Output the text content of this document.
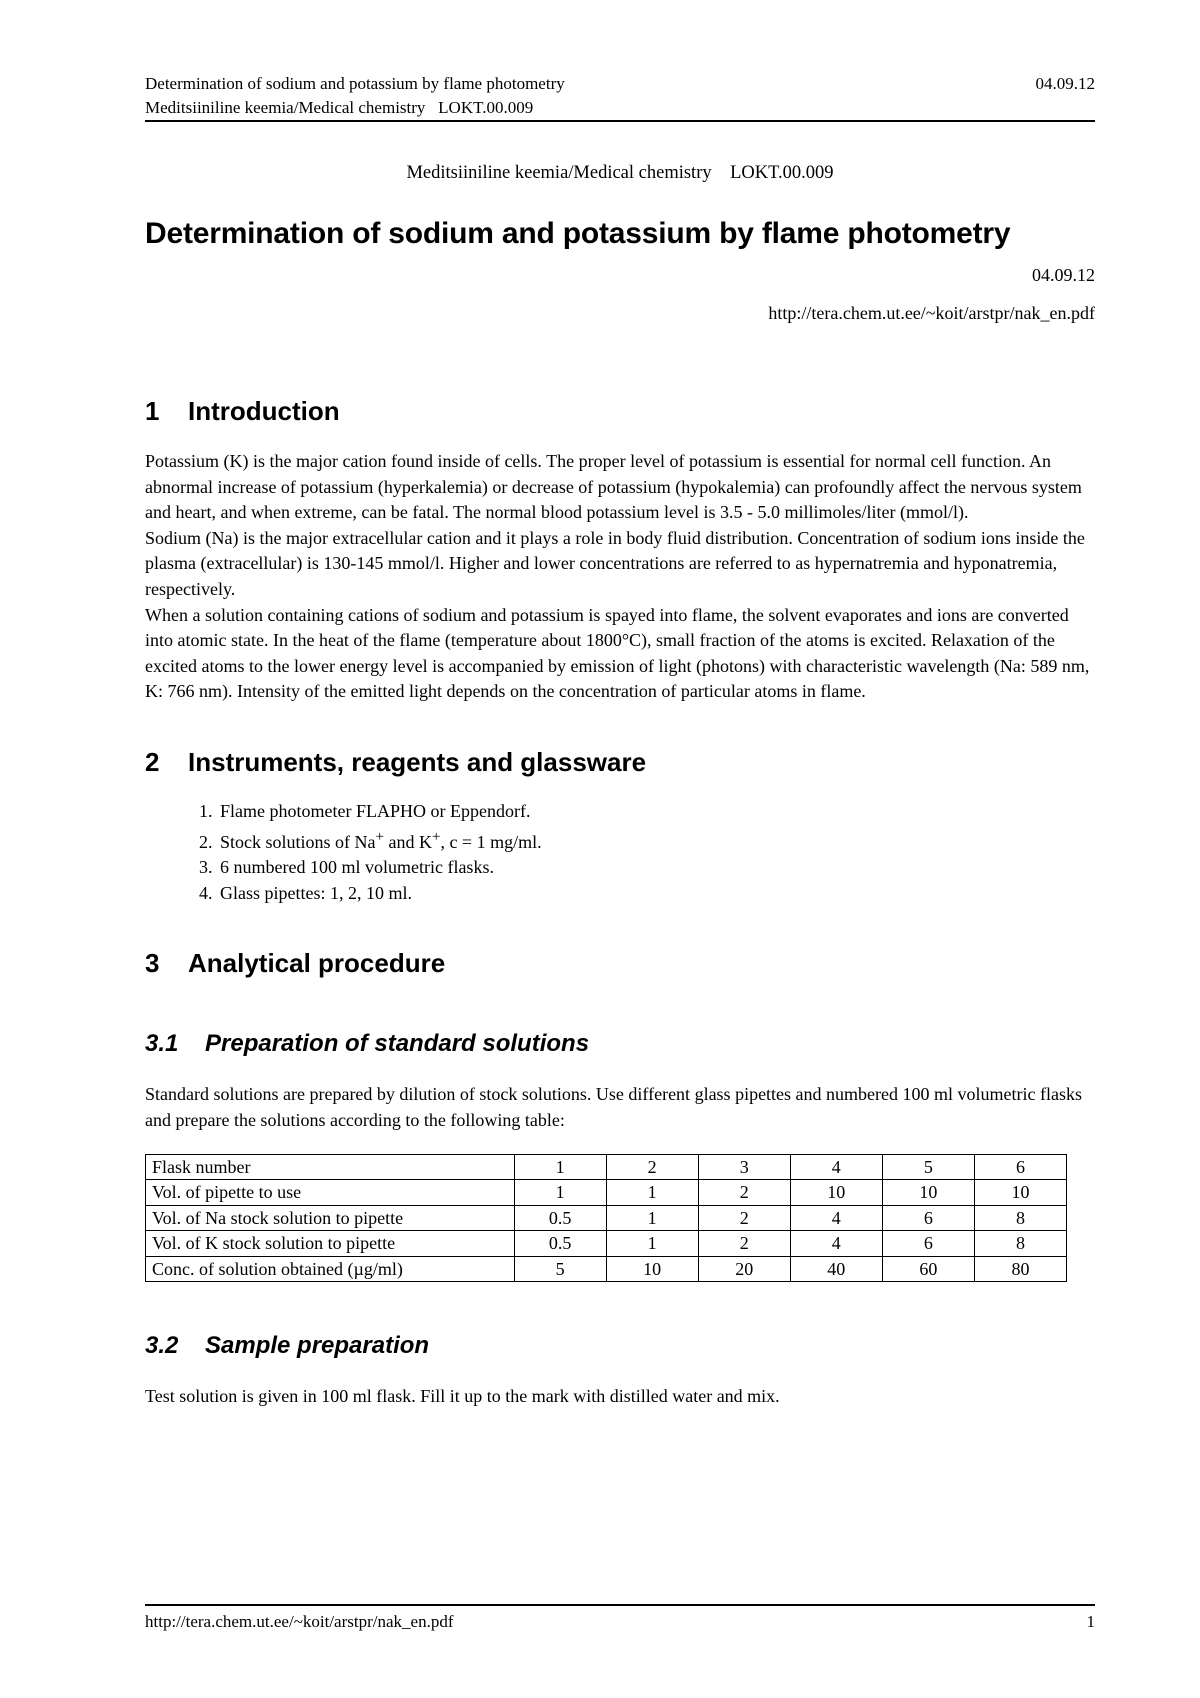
Determination of sodium and potassium by flame photometry	04.09.12
Meditsiiniline keemia/Medical chemistry   LOKT.00.009

Meditsiiniline keemia/Medical chemistry    LOKT.00.009

Determination of sodium and potassium by flame photometry

04.09.12

http://tera.chem.ut.ee/~koit/arstpr/nak_en.pdf

1 Introduction

Potassium (K) is the major cation found inside of cells. The proper level of potassium is essential for normal cell function. An abnormal increase of potassium (hyperkalemia) or decrease of potassium (hypokalemia) can profoundly affect the nervous system and heart, and when extreme, can be fatal. The normal blood potassium level is 3.5 - 5.0 millimoles/liter (mmol/l).

Sodium (Na) is the major extracellular cation and it plays a role in body fluid distribution. Concentration of sodium ions inside the plasma (extracellular) is 130-145 mmol/l. Higher and lower concentrations are referred to as hypernatremia and hyponatremia, respectively.

When a solution containing cations of sodium and potassium is spayed into flame, the solvent evaporates and ions are converted into atomic state. In the heat of the flame (temperature about 1800°C), small fraction of the atoms is excited. Relaxation of the excited atoms to the lower energy level is accompanied by emission of light (photons) with characteristic wavelength (Na: 589 nm, K: 766 nm). Intensity of the emitted light depends on the concentration of particular atoms in flame.

2 Instruments, reagents and glassware
1. Flame photometer FLAPHO or Eppendorf.
2. Stock solutions of Na+ and K+, c = 1 mg/ml.
3. 6 numbered 100 ml volumetric flasks.
4. Glass pipettes: 1, 2, 10 ml.
3 Analytical procedure
3.1 Preparation of standard solutions

Standard solutions are prepared by dilution of stock solutions. Use different glass pipettes and numbered 100 ml volumetric flasks and prepare the solutions according to the following table:

Flask number	1	2	3	4	5	6
Vol. of pipette to use	1	1	2	10	10	10
Vol. of Na stock solution to pipette	0.5	1	2	4	6	8
Vol. of K stock solution to pipette	0.5	1	2	4	6	8
Conc. of solution obtained (µg/ml)	5	10	20	40	60	80
3.2 Sample preparation

Test solution is given in 100 ml flask. Fill it up to the mark with distilled water and mix.

http://tera.chem.ut.ee/~koit/arstpr/nak_en.pdf	1
